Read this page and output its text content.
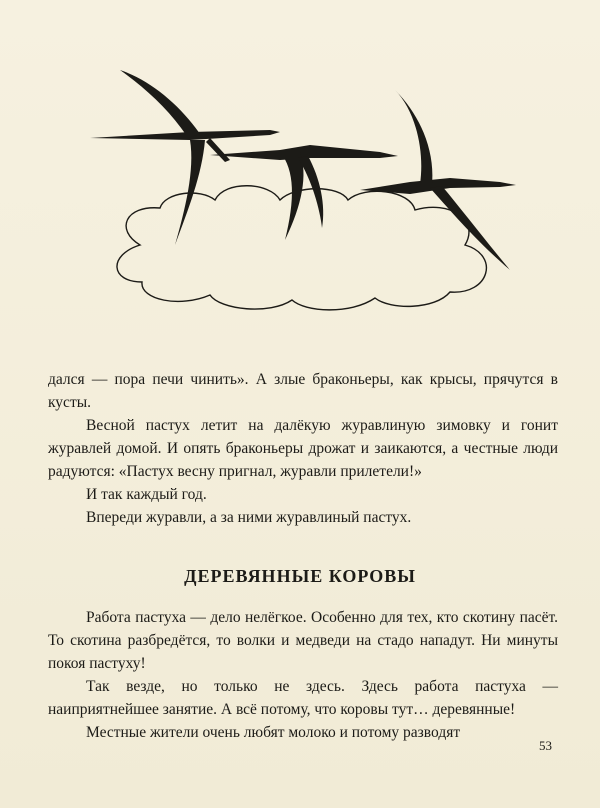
дался — пора печи чинить». А злые браконьеры, как крысы, прячутся в кусты.

Весной пастух летит на далёкую журавлиную зимовку и гонит журавлей домой. И опять браконьеры дрожат и заикаются, а честные люди радуются: «Пастух весну пригнал, журавли прилетели!»

И так каждый год.

Впереди журавли, а за ними журавлиный пастух.

ДЕРЕВЯННЫЕ КОРОВЫ

Работа пастуха — дело нелёгкое. Особенно для тех, кто скотину пасёт. То скотина разбредётся, то волки и медведи на стадо нападут. Ни минуты покоя пастуху!

Так везде, но только не здесь. Здесь работа пастуха — наиприятнейшее занятие. А всё потому, что коровы тут… деревянные!

Местные жители очень любят молоко и потому разводят

53
